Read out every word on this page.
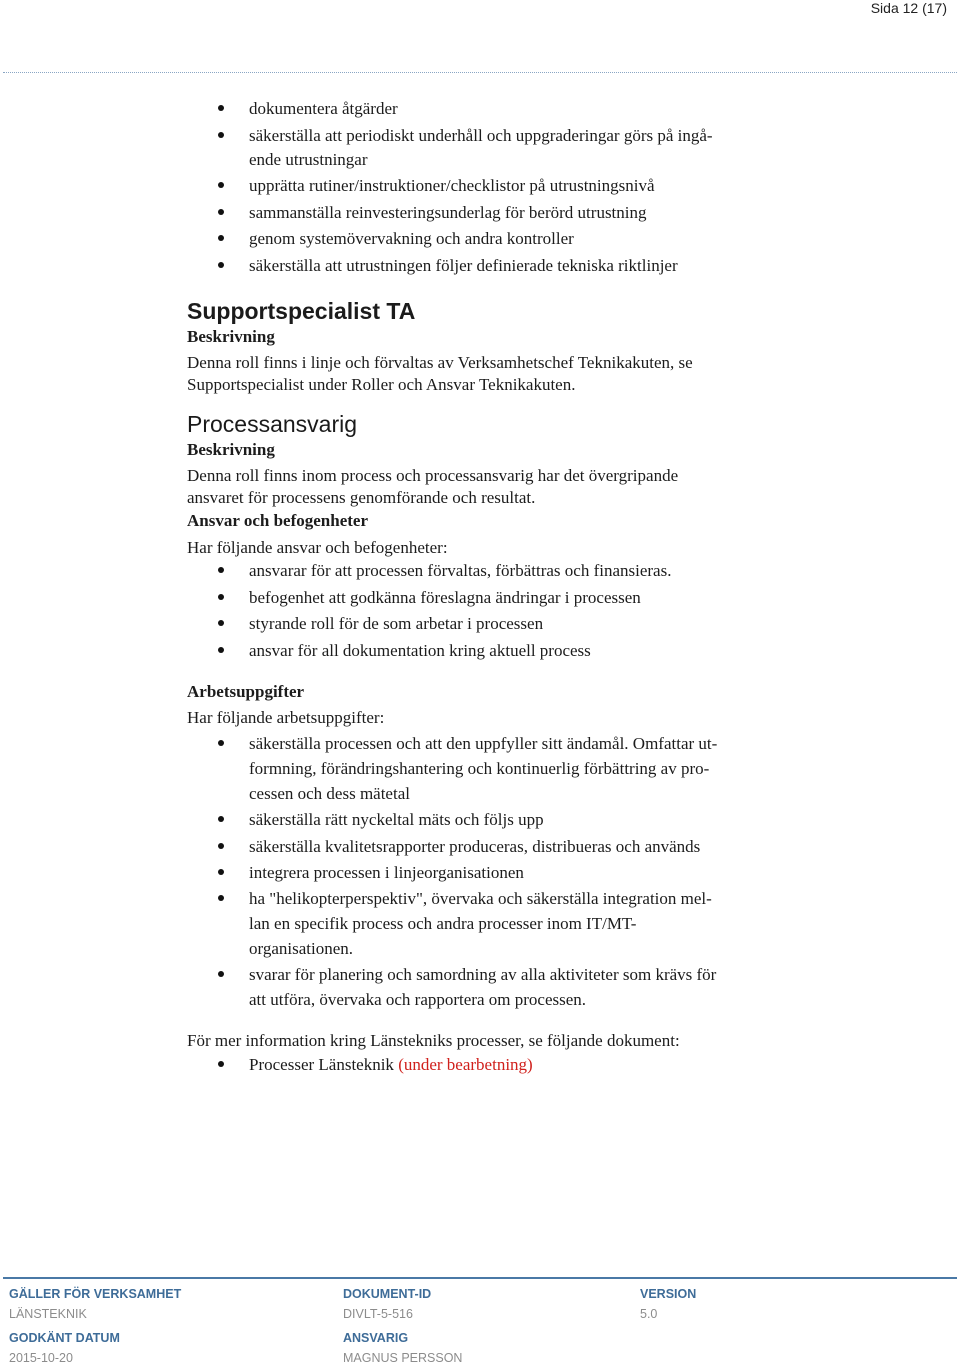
Sida 12 (17)
dokumentera åtgärder
säkerställa att periodiskt underhåll och uppgraderingar görs på ingå-
ende utrustningar
upprätta rutiner/instruktioner/checklistor på utrustningsnivå
sammanställa reinvesteringsunderlag för berörd utrustning
genom systemövervakning och andra kontroller
säkerställa att utrustningen följer definierade tekniska riktlinjer
Supportspecialist TA
Beskrivning

Denna roll finns i linje och förvaltas av Verksamhetschef Teknikakuten, se
Supportspecialist under Roller och Ansvar Teknikakuten.

Processansvarig
Beskrivning

Denna roll finns inom process och processansvarig har det övergripande
ansvaret för processens genomförande och resultat.

Ansvar och befogenheter

Har följande ansvar och befogenheter:

ansvarar för att processen förvaltas, förbättras och finansieras.
befogenhet att godkänna föreslagna ändringar i processen
styrande roll för de som arbetar i processen
ansvar för all dokumentation kring aktuell process
Arbetsuppgifter

Har följande arbetsuppgifter:

säkerställa processen och att den uppfyller sitt ändamål. Omfattar ut-
formning, förändringshantering och kontinuerlig förbättring av pro-
cessen och dess mätetal
säkerställa rätt nyckeltal mäts och följs upp
säkerställa kvalitetsrapporter produceras, distribueras och används
integrera processen i linjeorganisationen
ha "helikopterperspektiv", övervaka och säkerställa integration mel-
lan en specifik process och andra processer inom IT/MT-
organisationen.
svarar för planering och samordning av alla aktiviteter som krävs för
att utföra, övervaka och rapportera om processen.

För mer information kring Länstekniks processer, se följande dokument:

Processer Länsteknik (under bearbetning)
GÄLLER FÖR VERKSAMHET
LÄNSTEKNIK
DOKUMENT-ID
DIVLT-5-516
VERSION
5.0
GODKÄNT DATUM
2015-10-20
ANSVARIG
MAGNUS PERSSON
